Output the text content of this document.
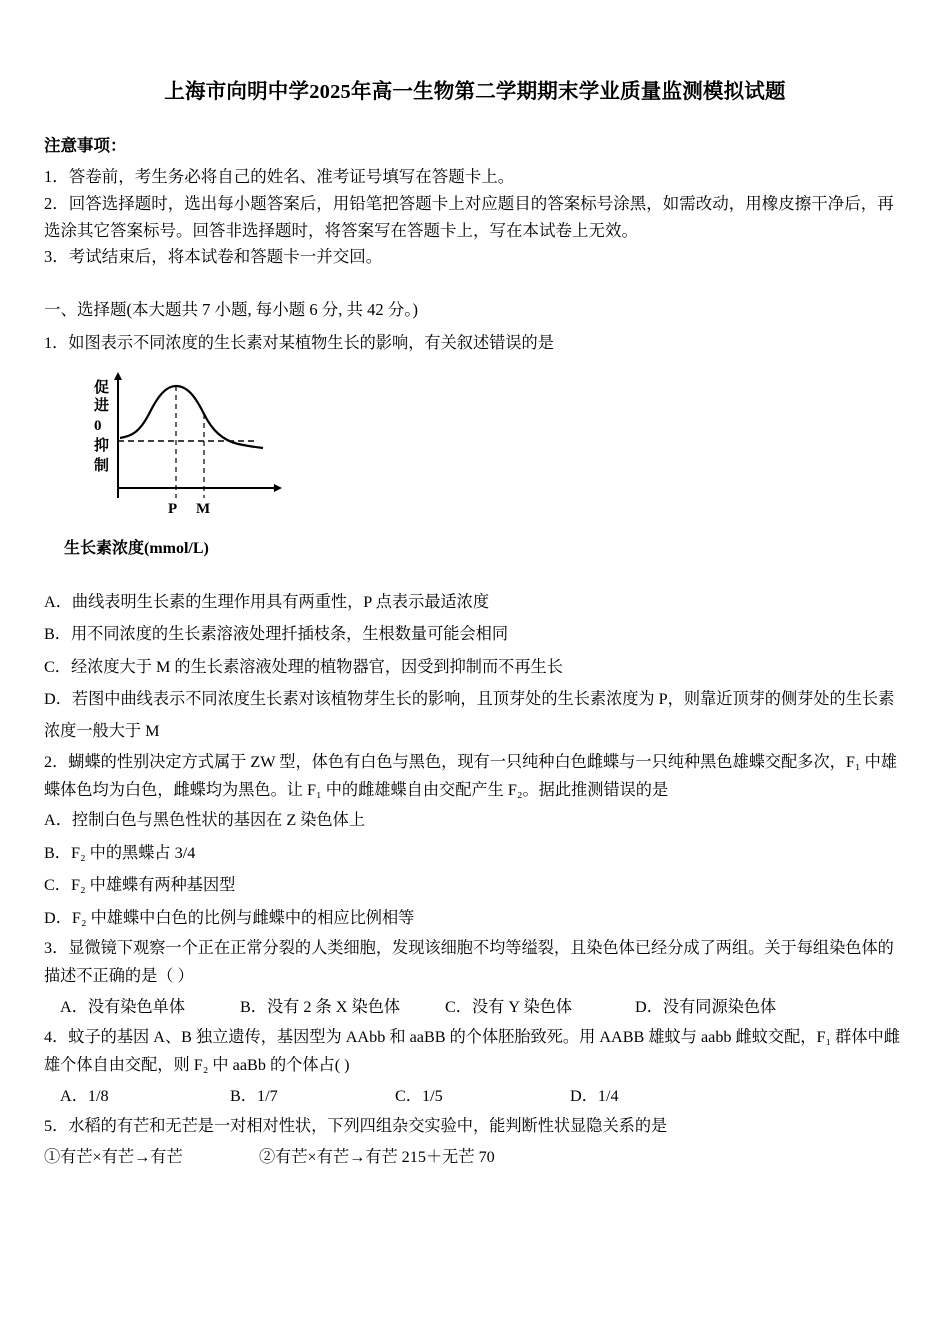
上海市向明中学2025年高一生物第二学期期末学业质量监测模拟试题

注意事项：

1．答卷前，考生务必将自己的姓名、准考证号填写在答题卡上。

2．回答选择题时，选出每小题答案后，用铅笔把答题卡上对应题目的答案标号涂黑，如需改动，用橡皮擦干净后，再选涂其它答案标号。回答非选择题时，将答案写在答题卡上，写在本试卷上无效。

3．考试结束后，将本试卷和答题卡一并交回。

一、选择题(本大题共 7 小题, 每小题 6 分, 共 42 分。)

1．如图表示不同浓度的生长素对某植物生长的影响，有关叙述错误的是

促
进
0
抑
制
P M
生长素浓度(mmol/L)

A．曲线表明生长素的生理作用具有两重性，P 点表示最适浓度

B．用不同浓度的生长素溶液处理扦插枝条，生根数量可能会相同

C．经浓度大于 M 的生长素溶液处理的植物器官，因受到抑制而不再生长

D．若图中曲线表示不同浓度生长素对该植物芽生长的影响，且顶芽处的生长素浓度为 P，则靠近顶芽的侧芽处的生长素浓度一般大于 M

2．蝴蝶的性别决定方式属于 ZW 型，体色有白色与黑色，现有一只纯种白色雌蝶与一只纯种黑色雄蝶交配多次，F₁ 中雄蝶体色均为白色，雌蝶均为黑色。让 F₁ 中的雌雄蝶自由交配产生 F₂。据此推测错误的是

A．控制白色与黑色性状的基因在 Z 染色体上

B．F₂ 中的黑蝶占 3/4

C．F₂ 中雄蝶有两种基因型

D．F₂ 中雄蝶中白色的比例与雌蝶中的相应比例相等

3．显微镜下观察一个正在正常分裂的人类细胞，发现该细胞不均等缢裂，且染色体已经分成了两组。关于每组染色体的描述不正确的是（ ）

A．没有染色单体	B．没有 2 条 X 染色体	C．没有 Y 染色体	D．没有同源染色体

4．蚊子的基因 A、B 独立遗传，基因型为 AAbb 和 aaBB 的个体胚胎致死。用 AABB 雄蚊与 aabb 雌蚊交配，F₁ 群体中雌雄个体自由交配，则 F₂ 中 aaBb 的个体占( )

A．1/8	B．1/7	C．1/5	D．1/4

5．水稻的有芒和无芒是一对相对性状，下列四组杂交实验中，能判断性状显隐关系的是

①有芒×有芒→有芒	②有芒×有芒→有芒 215＋无芒 70
